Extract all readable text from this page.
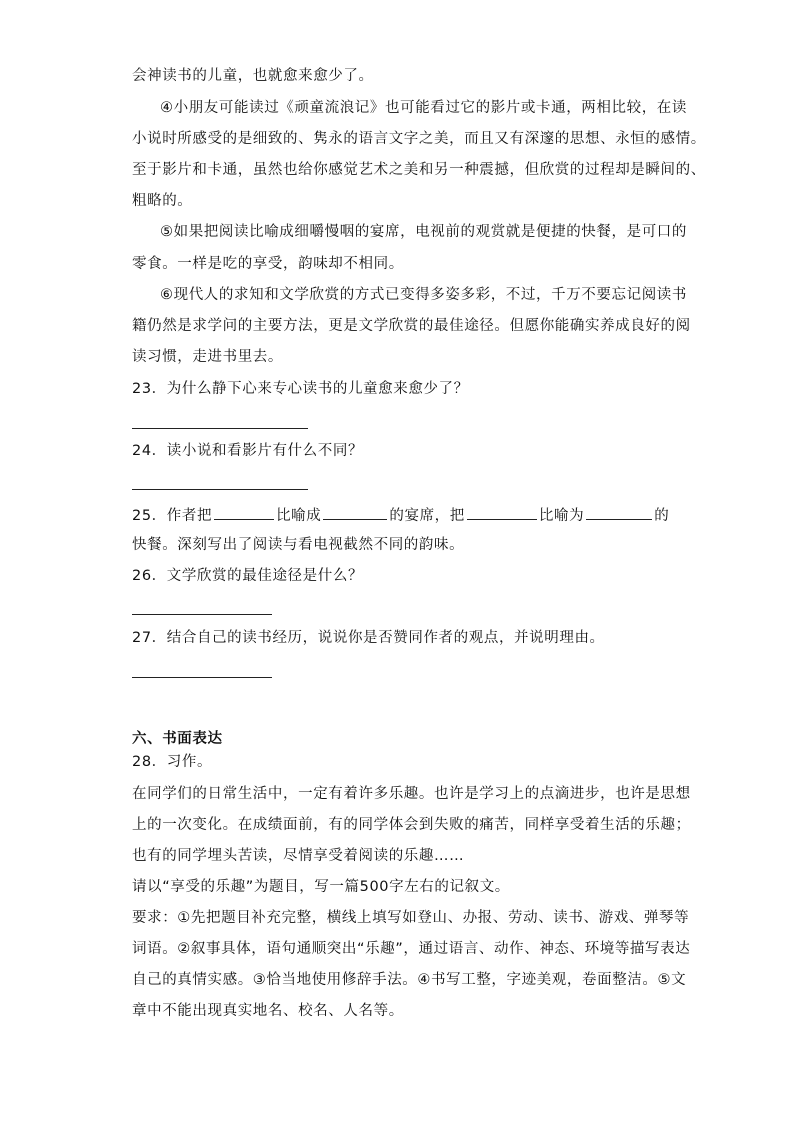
会神读书的儿童，也就愈来愈少了。
④小朋友可能读过《顽童流浪记》也可能看过它的影片或卡通，两相比较，在读
小说时所感受的是细致的、隽永的语言文字之美，而且又有深邃的思想、永恒的感情。
至于影片和卡通，虽然也给你感觉艺术之美和另一种震撼，但欣赏的过程却是瞬间的、
粗略的。
⑤如果把阅读比喻成细嚼慢咽的宴席，电视前的观赏就是便捷的快餐，是可口的
零食。一样是吃的享受，韵味却不相同。
⑥现代人的求知和文学欣赏的方式已变得多姿多彩，不过，千万不要忘记阅读书
籍仍然是求学问的主要方法，更是文学欣赏的最佳途径。但愿你能确实养成良好的阅
读习惯，走进书里去。
23．为什么静下心来专心读书的儿童愈来愈少了？
24．读小说和看影片有什么不同？
25．作者把	比喻成	的宴席，把	比喻为	的
快餐。深刻写出了阅读与看电视截然不同的韵味。
26．文学欣赏的最佳途径是什么？
27．结合自己的读书经历，说说你是否赞同作者的观点，并说明理由。
六、书面表达
28．习作。
在同学们的日常生活中，一定有着许多乐趣。也许是学习上的点滴进步，也许是思想
上的一次变化。在成绩面前，有的同学体会到失败的痛苦，同样享受着生活的乐趣；
也有的同学埋头苦读，尽情享受着阅读的乐趣……
请以“享受的乐趣”为题目，写一篇500字左右的记叙文。
要求：①先把题目补充完整，横线上填写如登山、办报、劳动、读书、游戏、弹琴等
词语。②叙事具体，语句通顺突出“乐趣”，通过语言、动作、神态、环境等描写表达
自己的真情实感。③恰当地使用修辞手法。④书写工整，字迹美观，卷面整洁。⑤文
章中不能出现真实地名、校名、人名等。
